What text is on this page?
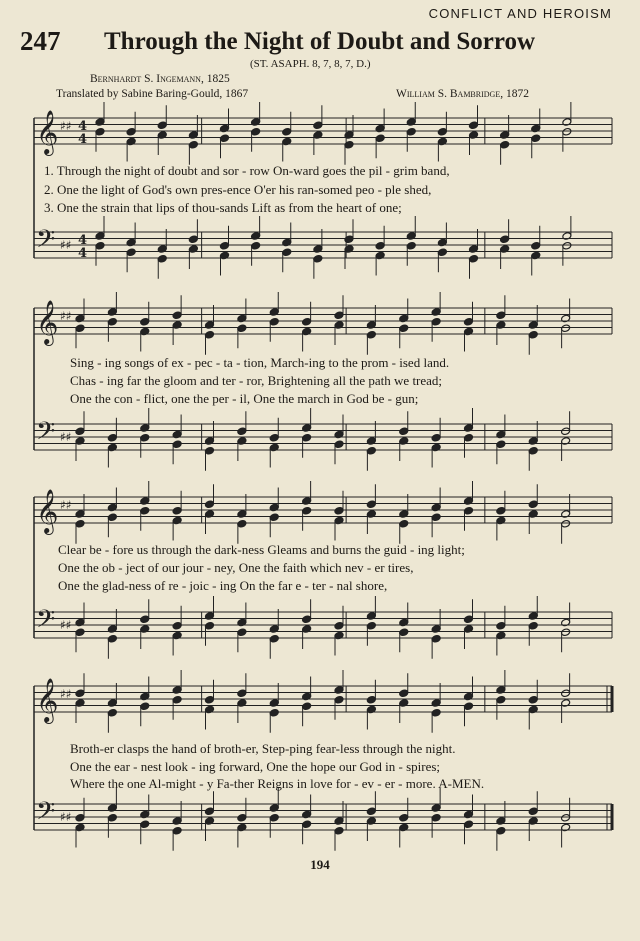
CONFLICT AND HEROISM
247 Through the Night of Doubt and Sorrow
(ST. ASAPH. 8, 7, 8, 7, D.)
Bernhardt S. Ingemann, 1825
Translated by Sabine Baring-Gould, 1867	William S. Bambridge, 1872
𝄞 ♯♯
𝄢 ♯♯
4
4
4
4
𝄞 ♯♯
𝄢 ♯♯
𝄞 ♯♯
𝄢 ♯♯
𝄞 ♯♯
𝄢 ♯♯
1. Through the night of doubt and sor - row On-ward goes the pil - grim band,
2. One the light of God's own pres-ence O'er his ran-somed peo - ple shed,
3. One the strain that lips of thou-sands Lift as from the heart of one;
Sing - ing songs of ex - pec - ta - tion, March-ing to the prom - ised land.
Chas - ing far the gloom and ter - ror, Brightening all the path we tread;
One the con - flict, one the per - il, One the march in God be - gun;
Clear be - fore us through the dark-ness Gleams and burns the guid - ing light;
One the ob - ject of our jour - ney, One the faith which nev - er tires,
One the glad-ness of re - joic - ing On the far e - ter - nal shore,
Broth-er clasps the hand of broth-er, Step-ping fear-less through the night.
One the ear - nest look - ing forward, One the hope our God in - spires;
Where the one Al-might - y Fa-ther Reigns in love for - ev - er - more. A-MEN.
194
